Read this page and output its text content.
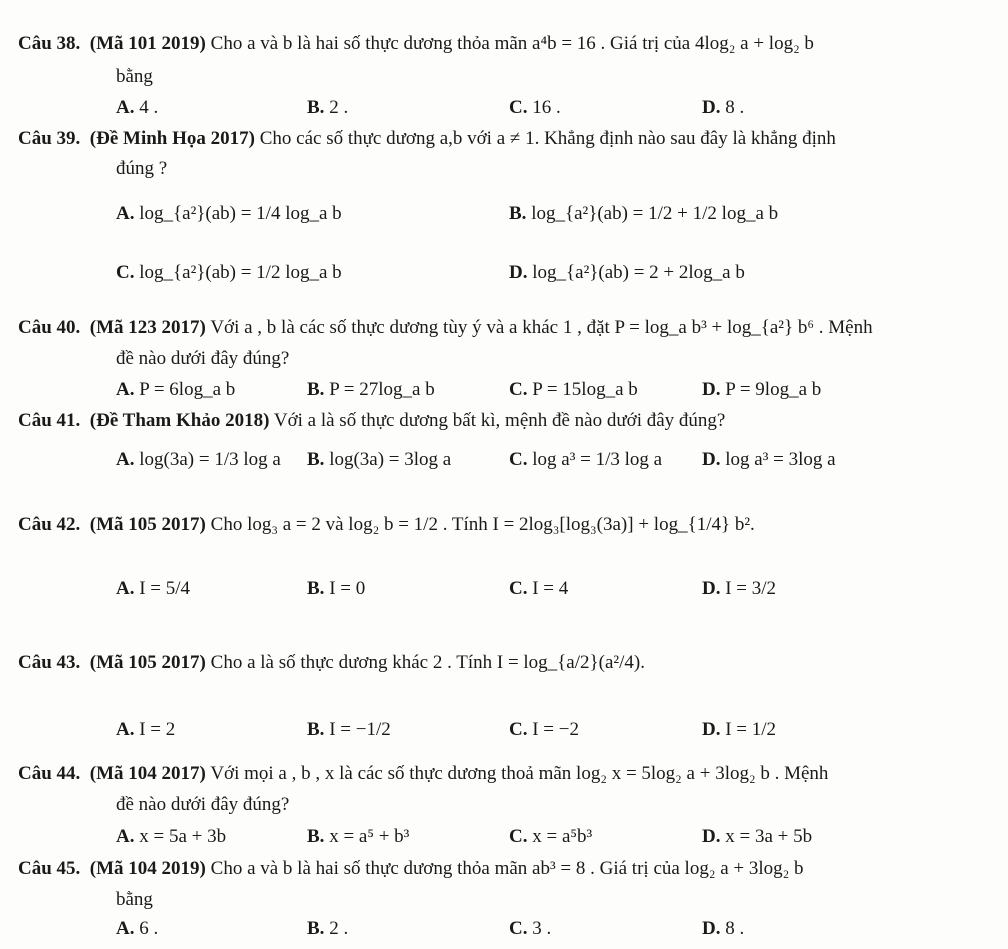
Câu 38. (Mã 101 2019) Cho a và b là hai số thực dương thỏa mãn a⁴b = 16 . Giá trị của 4log₂ a + log₂ b
bằng
A. 4 .	B. 2 .	C. 16 .	D. 8 .
Câu 39. (Đề Minh Họa 2017) Cho các số thực dương a,b với a ≠ 1. Khẳng định nào sau đây là khẳng định
đúng ?
A. log_{a²}(ab) = 1/4 log_a b	B. log_{a²}(ab) = 1/2 + 1/2 log_a b
C. log_{a²}(ab) = 1/2 log_a b	D. log_{a²}(ab) = 2 + 2log_a b
Câu 40. (Mã 123 2017) Với a , b là các số thực dương tùy ý và a khác 1 , đặt P = log_a b³ + log_{a²} b⁶ . Mệnh
đề nào dưới đây đúng?
A. P = 6log_a b	B. P = 27log_a b	C. P = 15log_a b	D. P = 9log_a b
Câu 41. (Đề Tham Khảo 2018) Với a là số thực dương bất kì, mệnh đề nào dưới đây đúng?
A. log(3a) = 1/3 log a B. log(3a) = 3log a	C. log a³ = 1/3 log a D. log a³ = 3log a
Câu 42. (Mã 105 2017) Cho log₃ a = 2 và log₂ b = 1/2 . Tính I = 2log₃[log₃(3a)] + log_{1/4} b².
A. I = 5/4	B. I = 0	C. I = 4	D. I = 3/2
Câu 43. (Mã 105 2017) Cho a là số thực dương khác 2 . Tính I = log_{a/2}(a²/4).
A. I = 2	B. I = −1/2	C. I = −2	D. I = 1/2
Câu 44. (Mã 104 2017) Với mọi a , b , x là các số thực dương thoả mãn log₂ x = 5log₂ a + 3log₂ b . Mệnh
đề nào dưới đây đúng?
A. x = 5a + 3b	B. x = a⁵ + b³	C. x = a⁵b³	D. x = 3a + 5b
Câu 45. (Mã 104 2019) Cho a và b là hai số thực dương thỏa mãn ab³ = 8 . Giá trị của log₂ a + 3log₂ b
bằng
A. 6 .	B. 2 .	C. 3 .	D. 8 .
